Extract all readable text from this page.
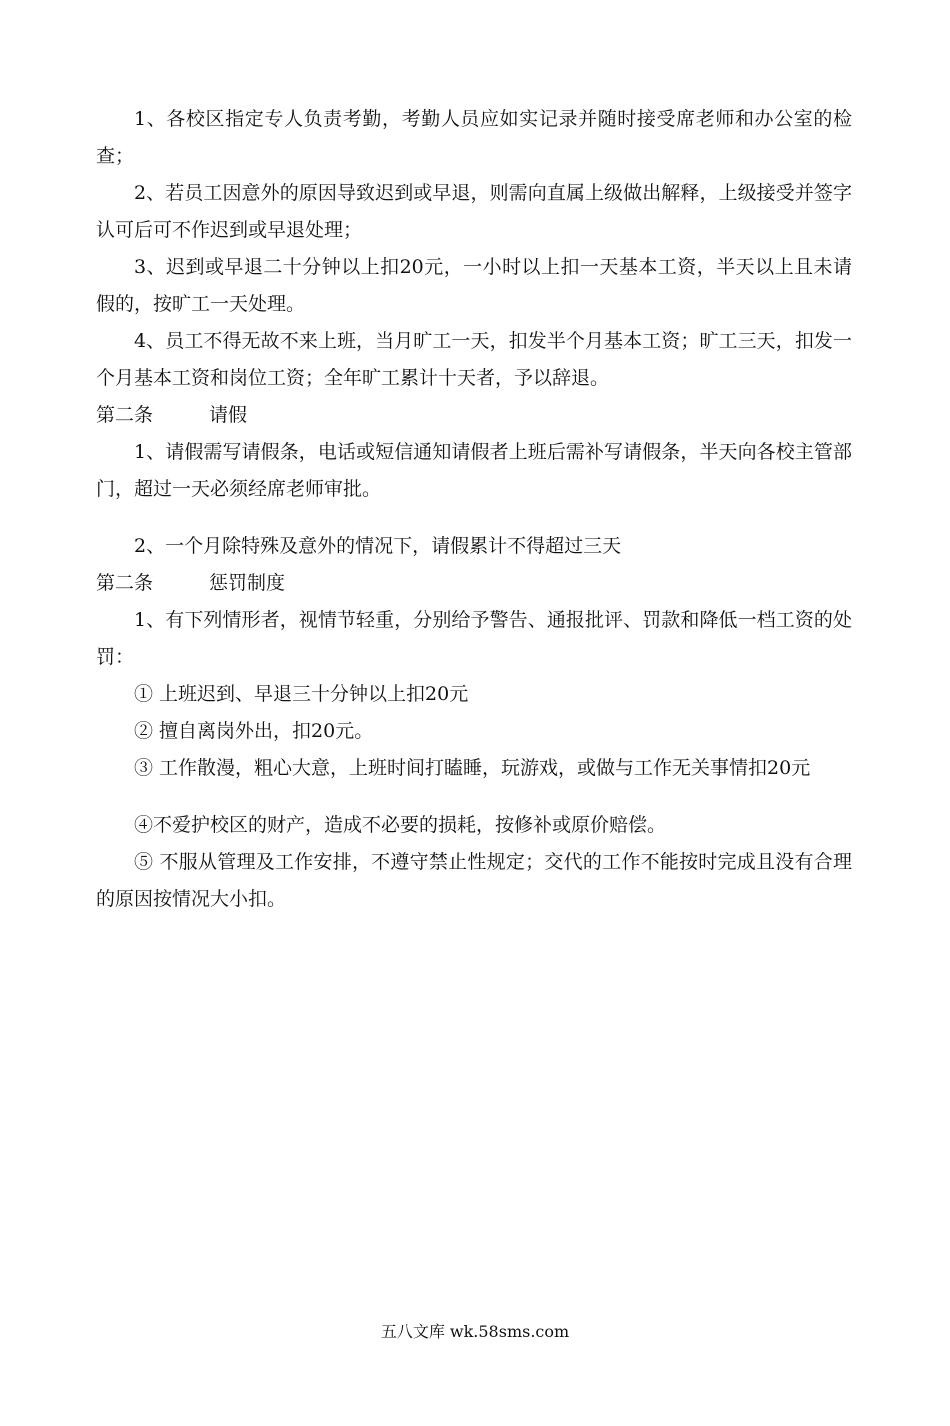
1、各校区指定专人负责考勤，考勤人员应如实记录并随时接受席老师和办公室的检查；

2、若员工因意外的原因导致迟到或早退，则需向直属上级做出解释，上级接受并签字认可后可不作迟到或早退处理；

3、迟到或早退二十分钟以上扣20元，一小时以上扣一天基本工资，半天以上且未请假的，按旷工一天处理。

4、员工不得无故不来上班，当月旷工一天，扣发半个月基本工资；旷工三天，扣发一个月基本工资和岗位工资；全年旷工累计十天者，予以辞退。

第二条	请假

1、请假需写请假条，电话或短信通知请假者上班后需补写请假条，半天向各校主管部门，超过一天必须经席老师审批。

2、一个月除特殊及意外的情况下，请假累计不得超过三天

第二条	惩罚制度

1、有下列情形者，视情节轻重，分别给予警告、通报批评、罚款和降低一档工资的处罚：

① 上班迟到、早退三十分钟以上扣20元

② 擅自离岗外出，扣20元。

③ 工作散漫，粗心大意，上班时间打瞌睡，玩游戏，或做与工作无关事情扣20元

④不爱护校区的财产，造成不必要的损耗，按修补或原价赔偿。

⑤ 不服从管理及工作安排，不遵守禁止性规定；交代的工作不能按时完成且没有合理的原因按情况大小扣。

五八文库 wk.58sms.com
